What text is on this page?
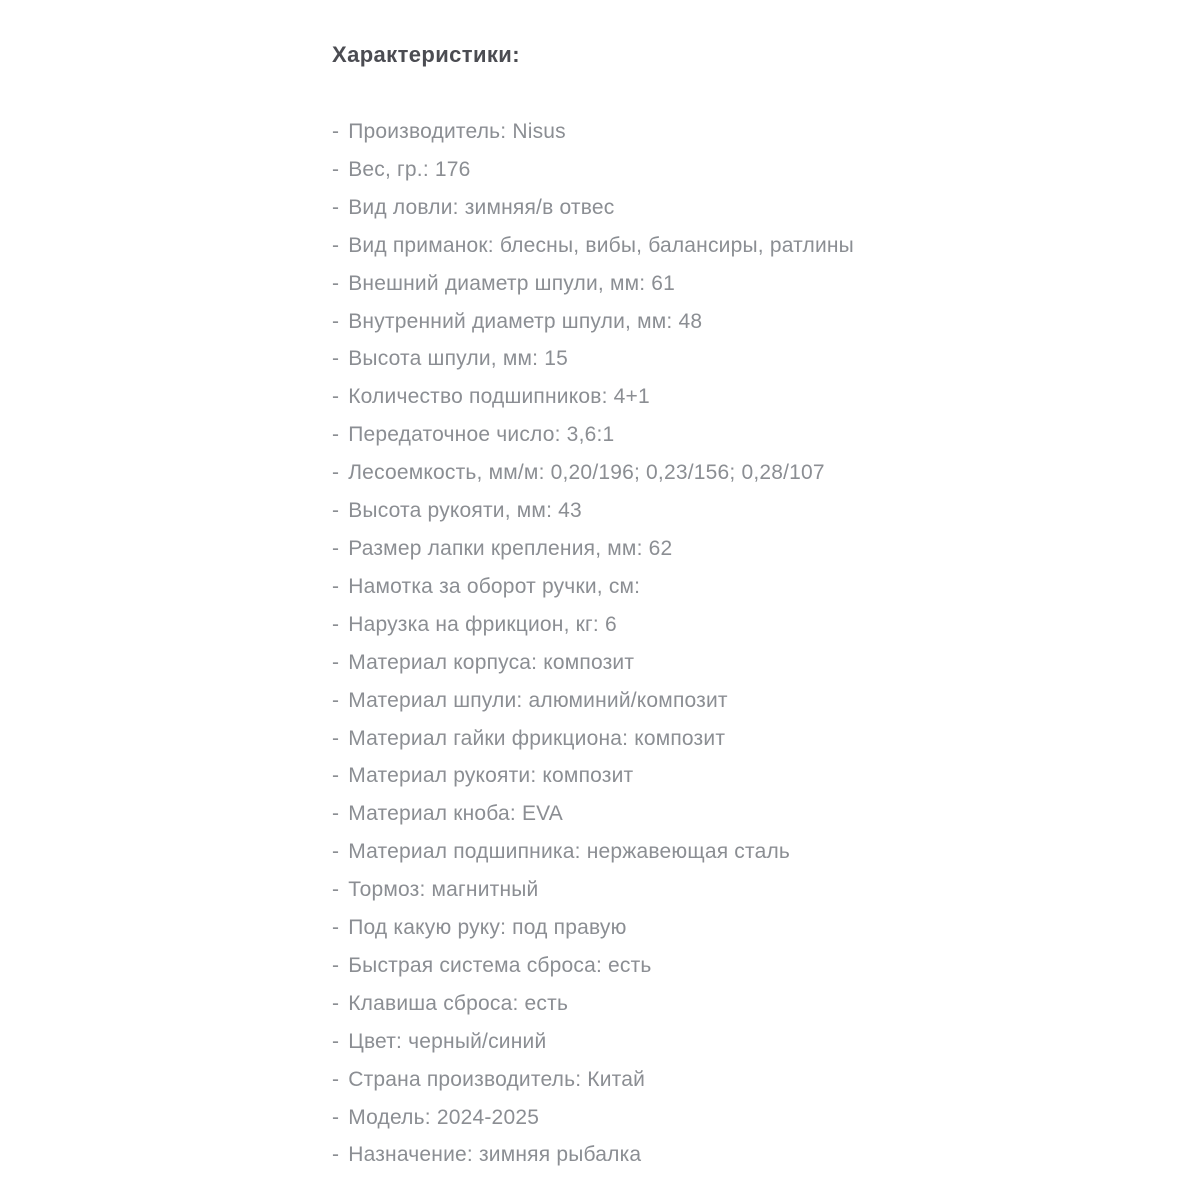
Характеристики:
- Производитель: Nisus
- Вес, гр.: 176
- Вид ловли: зимняя/в отвес
- Вид приманок: блесны, вибы, балансиры, ратлины
- Внешний диаметр шпули, мм: 61
- Внутренний диаметр шпули, мм: 48
- Высота шпули, мм: 15
- Количество подшипников: 4+1
- Передаточное число: 3,6:1
- Лесоемкость, мм/м: 0,20/196; 0,23/156; 0,28/107
- Высота рукояти, мм: 43
- Размер лапки крепления, мм: 62
- Намотка за оборот ручки, см:
- Нарузка на фрикцион, кг: 6
- Материал корпуса: композит
- Материал шпули: алюминий/композит
- Материал гайки фрикциона: композит
- Материал рукояти: композит
- Материал кноба: EVA
- Материал подшипника: нержавеющая сталь
- Тормоз: магнитный
- Под какую руку: под правую
- Быстрая система сброса: есть
- Клавиша сброса: есть
- Цвет: черный/синий
- Страна производитель: Китай
- Модель: 2024-2025
- Назначение: зимняя рыбалка
